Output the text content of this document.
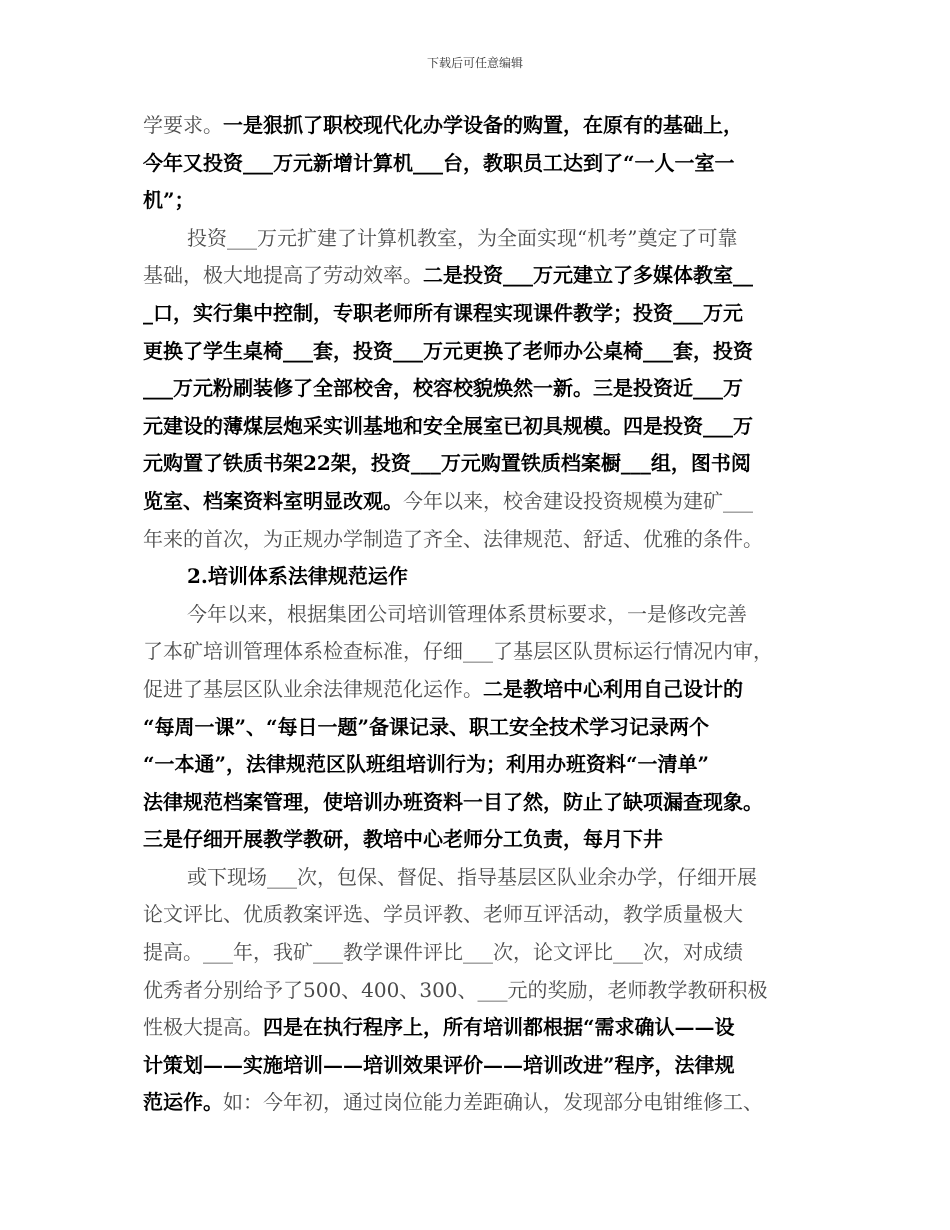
下载后可任意编辑
学要求。一是狠抓了职校现代化办学设备的购置，在原有的基础上，
今年又投资___万元新增计算机___台，教职员工达到了“一人一室一
机”；
投资___万元扩建了计算机教室，为全面实现“机考”奠定了可靠
基础，极大地提高了劳动效率。二是投资___万元建立了多媒体教室__
_口，实行集中控制，专职老师所有课程实现课件教学；投资___万元
更换了学生桌椅___套，投资___万元更换了老师办公桌椅___套，投资
___万元粉刷装修了全部校舍，校容校貌焕然一新。三是投资近___万
元建设的薄煤层炮采实训基地和安全展室已初具规模。四是投资___万
元购置了铁质书架22架，投资___万元购置铁质档案橱___组，图书阅
览室、档案资料室明显改观。今年以来，校舍建设投资规模为建矿___
年来的首次，为正规办学制造了齐全、法律规范、舒适、优雅的条件。
2.培训体系法律规范运作
今年以来，根据集团公司培训管理体系贯标要求，一是修改完善
了本矿培训管理体系检查标准，仔细___了基层区队贯标运行情况内审，
促进了基层区队业余法律规范化运作。二是教培中心利用自己设计的
“每周一课”、“每日一题”备课记录、职工安全技术学习记录两个
“一本通”，法律规范区队班组培训行为；利用办班资料“一清单”
法律规范档案管理，使培训办班资料一目了然，防止了缺项漏查现象。
三是仔细开展教学教研，教培中心老师分工负责，每月下井
或下现场___次，包保、督促、指导基层区队业余办学，仔细开展
论文评比、优质教案评选、学员评教、老师互评活动，教学质量极大
提高。___年，我矿___教学课件评比___次，论文评比___次，对成绩
优秀者分别给予了500、400、300、___元的奖励，老师教学教研积极
性极大提高。四是在执行程序上，所有培训都根据“需求确认——设
计策划——实施培训——培训效果评价——培训改进”程序，法律规
范运作。如：今年初，通过岗位能力差距确认，发现部分电钳维修工、
